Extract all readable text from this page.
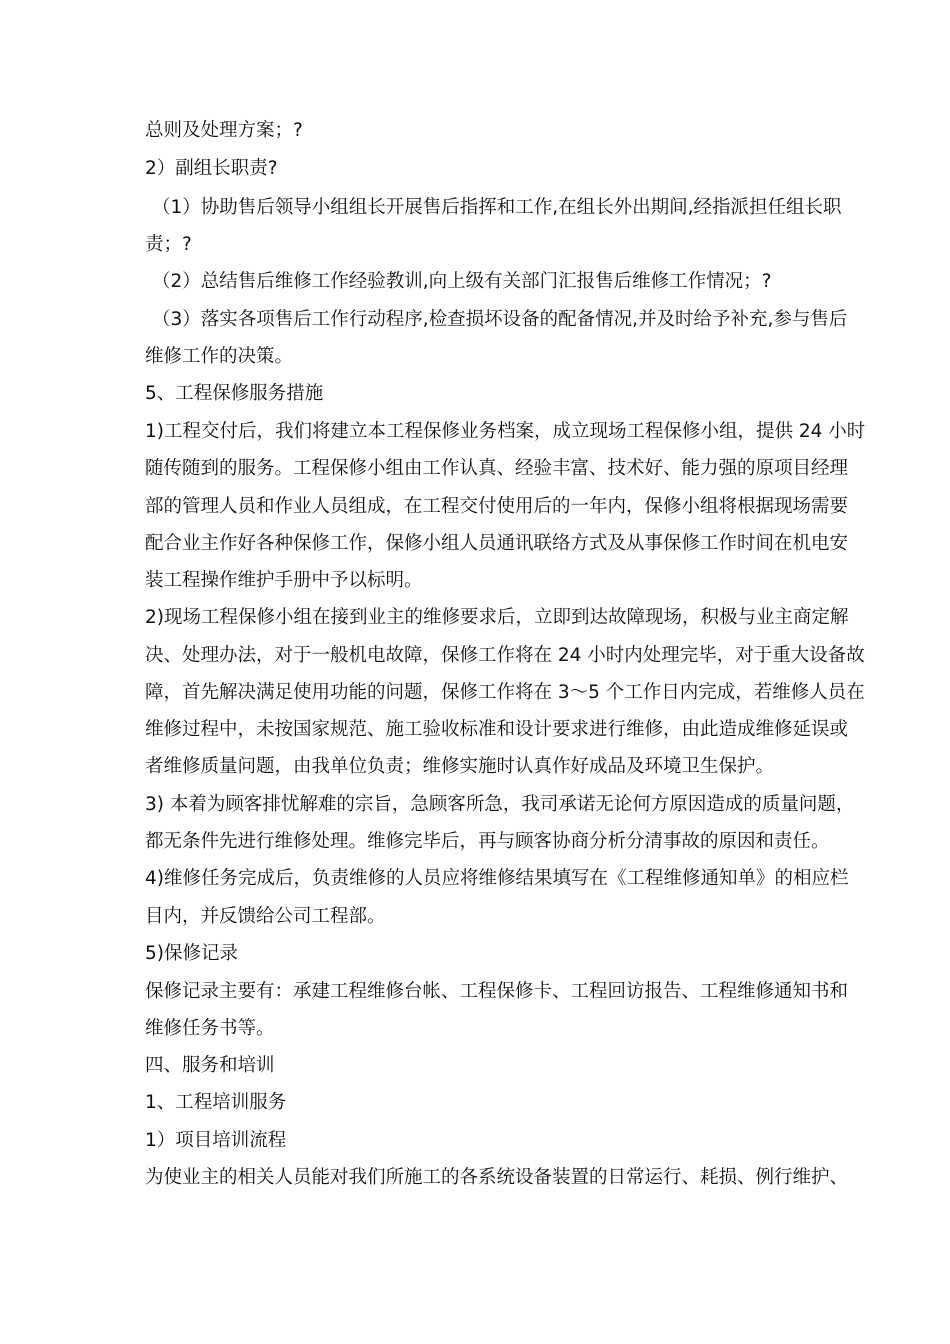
总则及处理方案；?
2）副组长职责?
（1）协助售后领导小组组长开展售后指挥和工作,在组长外出期间,经指派担任组长职
责；?
（2）总结售后维修工作经验教训,向上级有关部门汇报售后维修工作情况；?
（3）落实各项售后工作行动程序,检查损坏设备的配备情况,并及时给予补充,参与售后
维修工作的决策。
5、工程保修服务措施
1)工程交付后，我们将建立本工程保修业务档案，成立现场工程保修小组，提供 24 小时
随传随到的服务。工程保修小组由工作认真、经验丰富、技术好、能力强的原项目经理
部的管理人员和作业人员组成，在工程交付使用后的一年内，保修小组将根据现场需要
配合业主作好各种保修工作，保修小组人员通讯联络方式及从事保修工作时间在机电安
装工程操作维护手册中予以标明。
2)现场工程保修小组在接到业主的维修要求后，立即到达故障现场，积极与业主商定解
决、处理办法，对于一般机电故障，保修工作将在 24 小时内处理完毕，对于重大设备故
障，首先解决满足使用功能的问题，保修工作将在 3～5 个工作日内完成，若维修人员在
维修过程中，未按国家规范、施工验收标准和设计要求进行维修，由此造成维修延误或
者维修质量问题，由我单位负责；维修实施时认真作好成品及环境卫生保护。
3) 本着为顾客排忧解难的宗旨，急顾客所急，我司承诺无论何方原因造成的质量问题，
都无条件先进行维修处理。维修完毕后，再与顾客协商分析分清事故的原因和责任。
4)维修任务完成后，负责维修的人员应将维修结果填写在《工程维修通知单》的相应栏
目内，并反馈给公司工程部。
5)保修记录
保修记录主要有：承建工程维修台帐、工程保修卡、工程回访报告、工程维修通知书和
维修任务书等。
四、服务和培训
1、工程培训服务
1）项目培训流程
为使业主的相关人员能对我们所施工的各系统设备装置的日常运行、耗损、例行维护、
